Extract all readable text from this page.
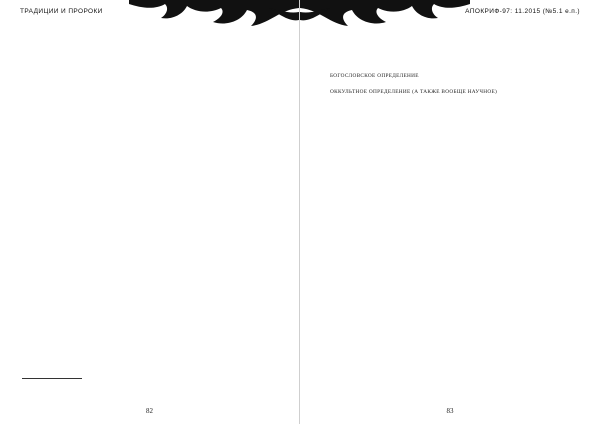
ТРАДИЦИИ И ПРОРОКИ

82
АПОКРИФ-97: 11.2015 (№5.1 е.п.)

БОГОСЛОВСКОЕ ОПРЕДЕЛЕНИЕ

ОККУЛЬТНОЕ ОПРЕДЕЛЕНИЕ (А ТАКЖЕ ВООБЩЕ НАУЧНОЕ)

83
